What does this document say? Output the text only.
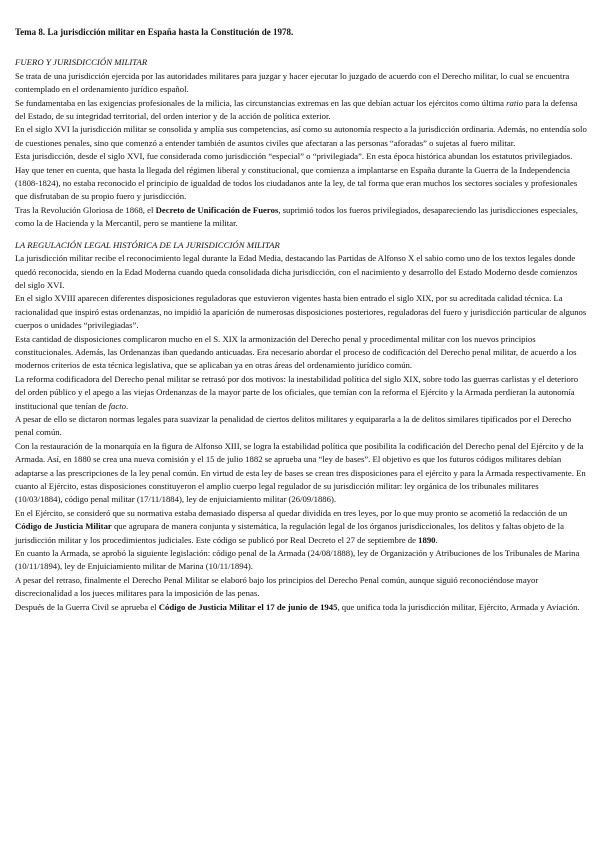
Tema 8. La jurisdicción militar en España hasta la Constitución de 1978.
FUERO Y JURISDICCIÓN MILITAR

Se trata de una jurisdicción ejercida por las autoridades militares para juzgar y hacer ejecutar lo juzgado de acuerdo con el Derecho militar, lo cual se encuentra contemplado en el ordenamiento jurídico español.

Se fundamentaba en las exigencias profesionales de la milicia, las circunstancias extremas en las que debían actuar los ejércitos como última ratio para la defensa del Estado, de su integridad territorial, del orden interior y de la acción de política exterior.

En el siglo XVI la jurisdicción militar se consolida y amplía sus competencias, así como su autonomía respecto a la jurisdicción ordinaria. Además, no entendía solo de cuestiones penales, sino que comenzó a entender también de asuntos civiles que afectaran a las personas “aforadas” o sujetas al fuero militar.

Esta jurisdicción, desde el siglo XVI, fue considerada como jurisdicción “especial” o “privilegiada”. En esta época histórica abundan los estatutos privilegiados. Hay que tener en cuenta, que hasta la llegada del régimen liberal y constitucional, que comienza a implantarse en España durante la Guerra de la Independencia (1808-1824), no estaba reconocido el principio de igualdad de todos los ciudadanos ante la ley, de tal forma que eran muchos los sectores sociales y profesionales que disfrutaban de su propio fuero y jurisdicción.

Tras la Revolución Gloriosa de 1868, el Decreto de Unificación de Fueros, suprimió todos los fueros privilegiados, desapareciendo las jurisdicciones especiales, como la de Hacienda y la Mercantil, pero se mantiene la militar.

LA REGULACIÓN LEGAL HISTÓRICA DE LA JURISDICCIÓN MILITAR

La jurisdicción militar recibe el reconocimiento legal durante la Edad Media, destacando las Partidas de Alfonso X el sabio como uno de los textos legales donde quedó reconocida, siendo en la Edad Moderna cuando queda consolidada dicha jurisdicción, con el nacimiento y desarrollo del Estado Moderno desde comienzos del siglo XVI.

En el siglo XVIII aparecen diferentes disposiciones reguladoras que estuvieron vigentes hasta bien entrado el siglo XIX, por su acreditada calidad técnica. La racionalidad que inspiró estas ordenanzas, no impidió la aparición de numerosas disposiciones posteriores, reguladoras del fuero y jurisdicción particular de algunos cuerpos o unidades “privilegiadas”.

Esta cantidad de disposiciones complicaron mucho en el S. XIX la armonización del Derecho penal y procedimental militar con los nuevos principios constitucionales. Además, las Ordenanzas iban quedando anticuadas. Era necesario abordar el proceso de codificación del Derecho penal militar, de acuerdo a los modernos criterios de esta técnica legislativa, que se aplicaban ya en otras áreas del ordenamiento jurídico común.

La reforma codificadora del Derecho penal militar se retrasó por dos motivos: la inestabilidad política del siglo XIX, sobre todo las guerras carlistas y el deterioro del orden público y el apego a las viejas Ordenanzas de la mayor parte de los oficiales, que temían con la reforma el Ejército y la Armada perdieran la autonomía institucional que tenían de facto.

A pesar de ello se dictaron normas legales para suavizar la penalidad de ciertos delitos militares y equipararla a la de delitos similares tipificados por el Derecho penal común.

Con la restauración de la monarquía en la figura de Alfonso XIII, se logra la estabilidad política que posibilita la codificación del Derecho penal del Ejército y de la Armada. Así, en 1880 se crea una nueva comisión y el 15 de julio 1882 se aprueba una “ley de bases”. El objetivo es que los futuros códigos militares debían adaptarse a las prescripciones de la ley penal común. En virtud de esta ley de bases se crean tres disposiciones para el ejército y para la Armada respectivamente. En cuanto al Ejército, estas disposiciones constituyeron el amplio cuerpo legal regulador de su jurisdicción militar: ley orgánica de los tribunales militares (10/03/1884), código penal militar (17/11/1884), ley de enjuiciamiento militar (26/09/1886).

En el Ejército, se consideró que su normativa estaba demasiado dispersa al quedar dividida en tres leyes, por lo que muy pronto se acometió la redacción de un Código de Justicia Militar que agrupara de manera conjunta y sistemática, la regulación legal de los órganos jurisdiccionales, los delitos y faltas objeto de la jurisdicción militar y los procedimientos judiciales. Este código se publicó por Real Decreto el 27 de septiembre de 1890.

En cuanto la Armada, se aprobó la siguiente legislación: código penal de la Armada (24/08/1888), ley de Organización y Atribuciones de los Tribunales de Marina (10/11/1894), ley de Enjuiciamiento militar de Marina (10/11/1894).

A pesar del retraso, finalmente el Derecho Penal Militar se elaboró bajo los principios del Derecho Penal común, aunque siguió reconociéndose mayor discrecionalidad a los jueces militares para la imposición de las penas.

Después de la Guerra Civil se aprueba el Código de Justicia Militar el 17 de junio de 1945, que unifica toda la jurisdicción militar, Ejército, Armada y Aviación.
